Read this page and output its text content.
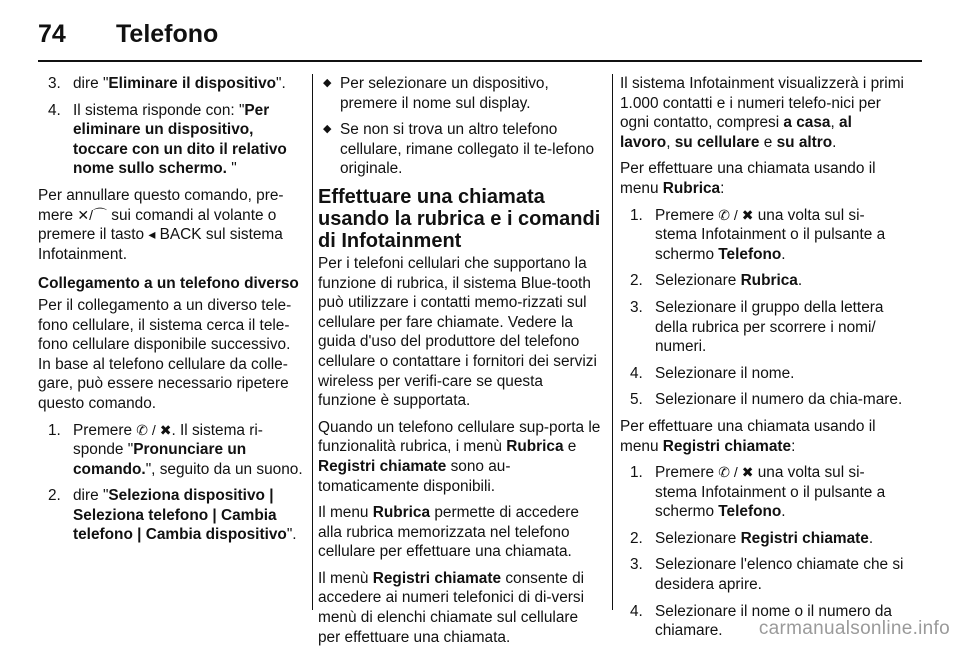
74	Telefono
3. dire "Eliminare il dispositivo".
4. Il sistema risponde con: "Per eliminare un dispositivo, toccare con un dito il relativo nome sullo schermo. "

Per annullare questo comando, pre-mere ✕/⌒ sui comandi al volante o premere il tasto ◂ BACK sul sistema Infotainment.

Collegamento a un telefono diverso

Per il collegamento a un diverso tele-fono cellulare, il sistema cerca il tele-fono cellulare disponibile successivo. In base al telefono cellulare da colle-gare, può essere necessario ripetere questo comando.

1. Premere ✆ / ✖. Il sistema ri-sponde "Pronunciare un comando.", seguito da un suono.
2. dire "Seleziona dispositivo | Seleziona telefono | Cambia telefono | Cambia dispositivo".
◆ Per selezionare un dispositivo, premere il nome sul display.
◆ Se non si trova un altro telefono cellulare, rimane collegato il te-lefono originale.
Effettuare una chiamata usando la rubrica e i comandi di Infotainment

Per i telefoni cellulari che supportano la funzione di rubrica, il sistema Blue-tooth può utilizzare i contatti memo-rizzati sul cellulare per fare chiamate. Vedere la guida d'uso del produttore del telefono cellulare o contattare i fornitori dei servizi wireless per verifi-care se questa funzione è supportata.

Quando un telefono cellulare sup-porta le funzionalità rubrica, i menù Rubrica e Registri chiamate sono au-tomaticamente disponibili.

Il menu Rubrica permette di accedere alla rubrica memorizzata nel telefono cellulare per effettuare una chiamata.

Il menù Registri chiamate consente di accedere ai numeri telefonici di di-versi menù di elenchi chiamate sul cellulare per effettuare una chiamata.

Il sistema Infotainment visualizzerà i primi 1.000 contatti e i numeri telefo-nici per ogni contatto, compresi a casa, al lavoro, su cellulare e su altro.

Per effettuare una chiamata usando il menu Rubrica:

1. Premere ✆ / ✖ una volta sul si-stema Infotainment o il pulsante a schermo Telefono.
2. Selezionare Rubrica.
3. Selezionare il gruppo della lettera della rubrica per scorrere i nomi/ numeri.
4. Selezionare il nome.
5. Selezionare il numero da chia-mare.

Per effettuare una chiamata usando il menu Registri chiamate:

1. Premere ✆ / ✖ una volta sul si-stema Infotainment o il pulsante a schermo Telefono.
2. Selezionare Registri chiamate.
3. Selezionare l'elenco chiamate che si desidera aprire.
4. Selezionare il nome o il numero da chiamare.	carmanualsonline.info
